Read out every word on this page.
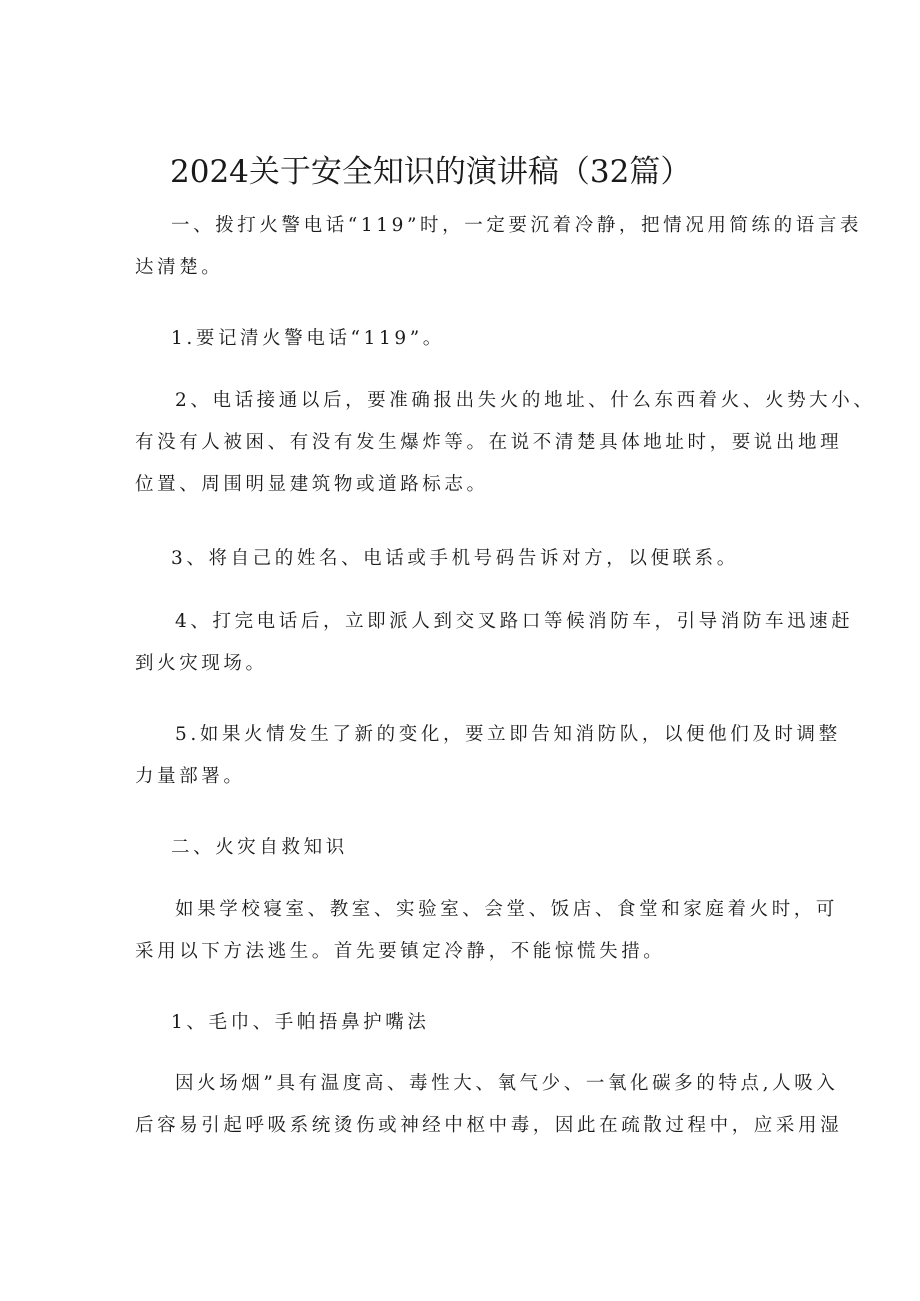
2024关于安全知识的演讲稿（32篇）
一、拨打火警电话“119”时，一定要沉着冷静，把情况用简练的语言表
达清楚。
1.要记清火警电话“119”。
2、电话接通以后，要准确报出失火的地址、什么东西着火、火势大小、
有没有人被困、有没有发生爆炸等。在说不清楚具体地址时，要说出地理
位置、周围明显建筑物或道路标志。
3、将自己的姓名、电话或手机号码告诉对方，以便联系。
4、打完电话后，立即派人到交叉路口等候消防车，引导消防车迅速赶
到火灾现场。
5.如果火情发生了新的变化，要立即告知消防队，以便他们及时调整
力量部署。
二、火灾自救知识
如果学校寝室、教室、实验室、会堂、饭店、食堂和家庭着火时，可
采用以下方法逃生。首先要镇定冷静，不能惊慌失措。
1、毛巾、手帕捂鼻护嘴法
因火场烟”具有温度高、毒性大、氧气少、一氧化碳多的特点,人吸入
后容易引起呼吸系统烫伤或神经中枢中毒，因此在疏散过程中，应采用湿
